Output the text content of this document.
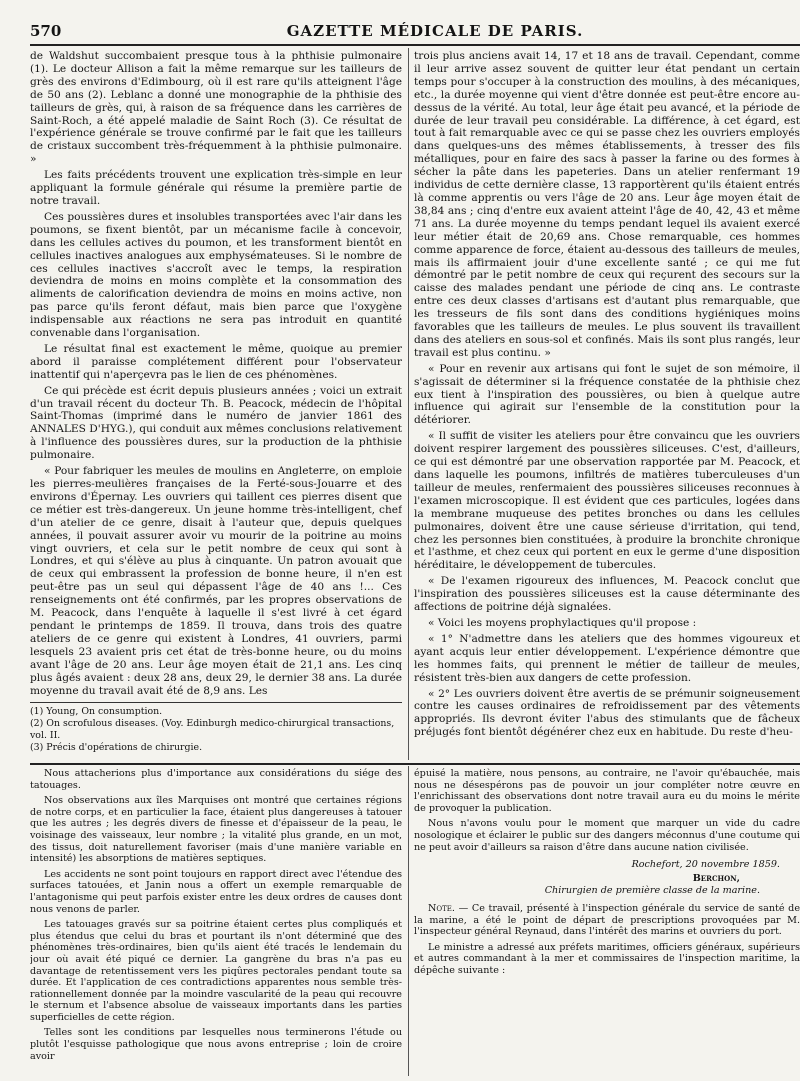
570	GAZETTE MÉDICALE DE PARIS.

de Waldshut succombaient presque tous à la phthisie pulmonaire (1). Le docteur Allison a fait la même remarque sur les tailleurs de grès des environs d'Edimbourg, où il est rare qu'ils atteignent l'âge de 50 ans (2). Leblanc a donné une monographie de la phthisie des tailleurs de grès, qui, à raison de sa fréquence dans les carrières de Saint-Roch, a été appelé maladie de Saint Roch (3). Ce résultat de l'expérience générale se trouve confirmé par le fait que les tailleurs de cristaux succombent très-fréquemment à la phthisie pulmonaire. »

Les faits précédents trouvent une explication très-simple en leur appliquant la formule générale qui résume la première partie de notre travail.

Ces poussières dures et insolubles transportées avec l'air dans les poumons, se fixent bientôt, par un mécanisme facile à concevoir, dans les cellules actives du poumon, et les transforment bientôt en cellules inactives analogues aux emphysémateuses. Si le nombre de ces cellules inactives s'accroît avec le temps, la respiration deviendra de moins en moins complète et la consommation des aliments de calorification deviendra de moins en moins active, non pas parce qu'ils feront défaut, mais bien parce que l'oxygène indispensable aux réactions ne sera pas introduit en quantité convenable dans l'organisation.

Le résultat final est exactement le même, quoique au premier abord il paraisse complétement différent pour l'observateur inattentif qui n'aperçevra pas le lien de ces phénomènes.

Ce qui précède est écrit depuis plusieurs années ; voici un extrait d'un travail récent du docteur Th. B. Peacock, médecin de l'hôpital Saint-Thomas (imprimé dans le numéro de janvier 1861 des ANNALES D'HYG.), qui conduit aux mêmes conclusions relativement à l'influence des poussières dures, sur la production de la phthisie pulmonaire.

« Pour fabriquer les meules de moulins en Angleterre, on emploie les pierres-meulières françaises de la Ferté-sous-Jouarre et des environs d'Épernay. Les ouvriers qui taillent ces pierres disent que ce métier est très-dangereux. Un jeune homme très-intelligent, chef d'un atelier de ce genre, disait à l'auteur que, depuis quelques années, il pouvait assurer avoir vu mourir de la poitrine au moins vingt ouvriers, et cela sur le petit nombre de ceux qui sont à Londres, et qui s'élève au plus à cinquante. Un patron avouait que de ceux qui embrassent la profession de bonne heure, il n'en est peut-être pas un seul qui dépassent l'âge de 40 ans !... Ces renseignements ont été confirmés, par les propres observations de M. Peacock, dans l'enquête à laquelle il s'est livré à cet égard pendant le printemps de 1859. Il trouva, dans trois des quatre ateliers de ce genre qui existent à Londres, 41 ouvriers, parmi lesquels 23 avaient pris cet état de très-bonne heure, ou du moins avant l'âge de 20 ans. Leur âge moyen était de 21,1 ans. Les cinq plus âgés avaient : deux 28 ans, deux 29, le dernier 38 ans. La durée moyenne du travail avait été de 8,9 ans. Les

(1) Young, On consumption.
(2) On scrofulous diseases. (Voy. Edinburgh medico-chirurgical transactions, vol. II.
(3) Précis d'opérations de chirurgie.

trois plus anciens avait 14, 17 et 18 ans de travail. Cependant, comme il leur arrive assez souvent de quitter leur état pendant un certain temps pour s'occuper à la construction des moulins, à des mécaniques, etc., la durée moyenne qui vient d'être donnée est peut-être encore au-dessus de la vérité. Au total, leur âge était peu avancé, et la période de durée de leur travail peu considérable. La différence, à cet égard, est tout à fait remarquable avec ce qui se passe chez les ouvriers employés dans quelques-uns des mêmes établissements, à tresser des fils métalliques, pour en faire des sacs à passer la farine ou des formes à sécher la pâte dans les papeteries. Dans un atelier renfermant 19 individus de cette dernière classe, 13 rapportèrent qu'ils étaient entrés là comme apprentis ou vers l'âge de 20 ans. Leur âge moyen était de 38,84 ans ; cinq d'entre eux avaient atteint l'âge de 40, 42, 43 et même 71 ans. La durée moyenne du temps pendant lequel ils avaient exercé leur métier était de 20,69 ans. Chose remarquable, ces hommes comme apparence de force, étaient au-dessous des tailleurs de meules, mais ils affirmaient jouir d'une excellente santé ; ce qui me fut démontré par le petit nombre de ceux qui reçurent des secours sur la caisse des malades pendant une période de cinq ans. Le contraste entre ces deux classes d'artisans est d'autant plus remarquable, que les tresseurs de fils sont dans des conditions hygiéniques moins favorables que les tailleurs de meules. Le plus souvent ils travaillent dans des ateliers en sous-sol et confinés. Mais ils sont plus rangés, leur travail est plus continu. »

« Pour en revenir aux artisans qui font le sujet de son mémoire, il s'agissait de déterminer si la fréquence constatée de la phthisie chez eux tient à l'inspiration des poussières, ou bien à quelque autre influence qui agirait sur l'ensemble de la constitution pour la détériorer.

« Il suffit de visiter les ateliers pour être convaincu que les ouvriers doivent respirer largement des poussières siliceuses. C'est, d'ailleurs, ce qui est démontré par une observation rapportée par M. Peacock, et dans laquelle les poumons, infiltrés de matières tuberculeuses d'un tailleur de meules, renfermaient des poussières siliceuses reconnues à l'examen microscopique. Il est évident que ces particules, logées dans la membrane muqueuse des petites bronches ou dans les cellules pulmonaires, doivent être une cause sérieuse d'irritation, qui tend, chez les personnes bien constituées, à produire la bronchite chronique et l'asthme, et chez ceux qui portent en eux le germe d'une disposition héréditaire, le développement de tubercules.

« De l'examen rigoureux des influences, M. Peacock conclut que l'inspiration des poussières siliceuses est la cause déterminante des affections de poitrine déjà signalées.

« Voici les moyens prophylactiques qu'il propose :

« 1° N'admettre dans les ateliers que des hommes vigoureux et ayant acquis leur entier développement. L'expérience démontre que les hommes faits, qui prennent le métier de tailleur de meules, résistent très-bien aux dangers de cette profession.

« 2° Les ouvriers doivent être avertis de se prémunir soigneusement contre les causes ordinaires de refroidissement par des vêtements appropriés. Ils devront éviter l'abus des stimulants que de fâcheux préjugés font bientôt dégénérer chez eux en habitude. Du reste d'heu-

Nous attacherions plus d'importance aux considérations du siége des tatouages.

Nos observations aux îles Marquises ont montré que certaines régions de notre corps, et en particulier la face, étaient plus dangereuses à tatouer que les autres ; les degrés divers de finesse et d'épaisseur de la peau, le voisinage des vaisseaux, leur nombre ; la vitalité plus grande, en un mot, des tissus, doit naturellement favoriser (mais d'une manière variable en intensité) les absorptions de matières septiques.

Les accidents ne sont point toujours en rapport direct avec l'étendue des surfaces tatouées, et Janin nous a offert un exemple remarquable de l'antagonisme qui peut parfois exister entre les deux ordres de causes dont nous venons de parler.

Les tatouages gravés sur sa poitrine étaient certes plus compliqués et plus étendus que celui du bras et pourtant ils n'ont déterminé que des phénomènes très-ordinaires, bien qu'ils aient été tracés le lendemain du jour où avait été piqué ce dernier. La gangrène du bras n'a pas eu davantage de retentissement vers les piqûres pectorales pendant toute sa durée. Et l'application de ces contradictions apparentes nous semble très-rationnellement donnée par la moindre vascularité de la peau qui recouvre le sternum et l'absence absolue de vaisseaux importants dans les parties superficielles de cette région.

Telles sont les conditions par lesquelles nous terminerons l'étude ou plutôt l'esquisse pathologique que nous avons entreprise ; loin de croire avoir

épuisé la matière, nous pensons, au contraire, ne l'avoir qu'ébauchée, mais nous ne désespérons pas de pouvoir un jour compléter notre œuvre en l'enrichissant des observations dont notre travail aura eu du moins le mérite de provoquer la publication.

Nous n'avons voulu pour le moment que marquer un vide du cadre nosologique et éclairer le public sur des dangers méconnus d'une coutume qui ne peut avoir d'ailleurs sa raison d'être dans aucune nation civilisée.

Rochefort, 20 novembre 1859.
Berchon,
Chirurgien de première classe de la marine.

Note. — Ce travail, présenté à l'inspection générale du service de santé de la marine, a été le point de départ de prescriptions provoquées par M. l'inspecteur général Reynaud, dans l'intérêt des marins et ouvriers du port.

Le ministre a adressé aux préfets maritimes, officiers généraux, supérieurs et autres commandant à la mer et commissaires de l'inspection maritime, la dépêche suivante :
